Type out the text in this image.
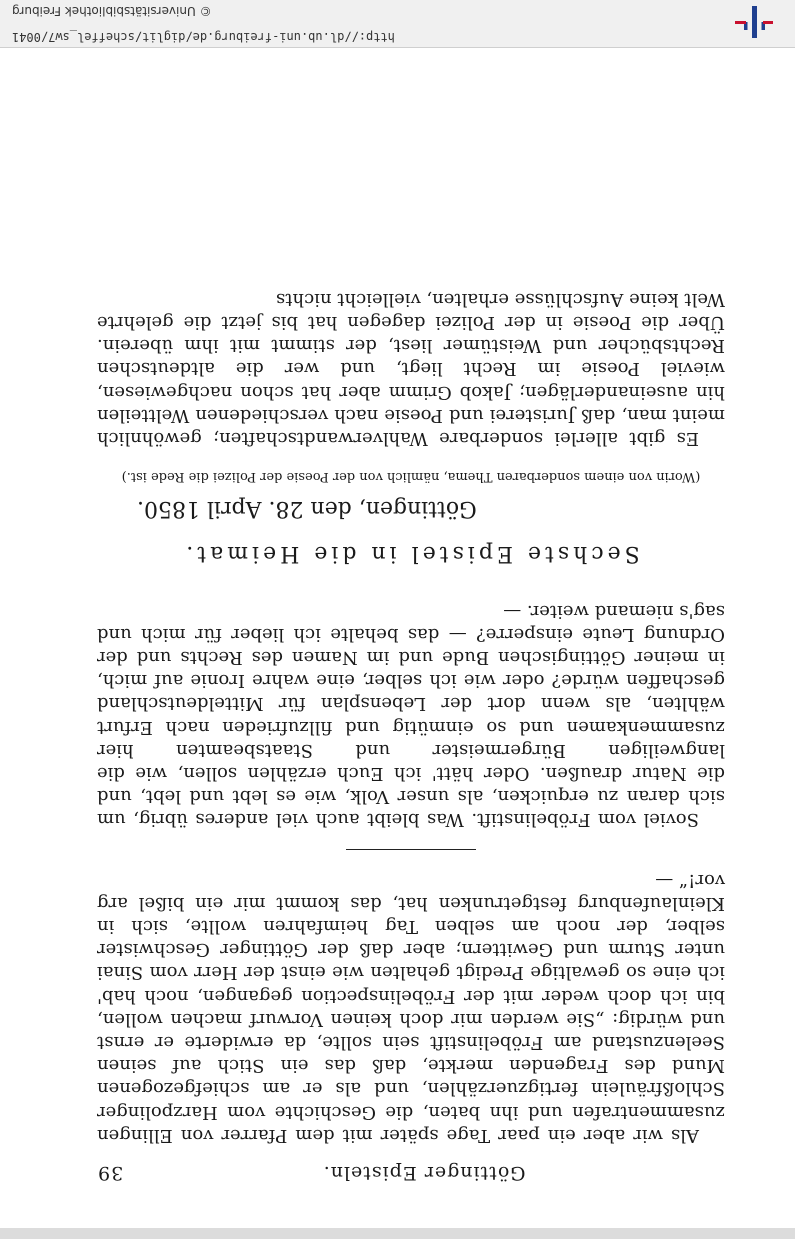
Göttinger Episteln.
39

Als wir aber ein paar Tage später mit dem Pfarrer von Ellingen zusammentrafen und ihn baten, die Geschichte vom Harzpolinger Schloßfräulein fertigzuerzählen, und als er am schiefgezogenen Mund des Fragenden merkte, daß das ein Stich auf seinen Seelenzustand am Fröbelinstift sein sollte, da erwiderte er ernst und würdig: „Sie werden mir doch keinen Vorwurf machen wollen, bin ich doch weder mit der Fröbelinspection gegangen, noch hab' ich eine so gewaltige Predigt gehalten wie einst der Herr vom Sinai unter Sturm und Gewittern; aber daß der Göttinger Geschwister selber, der noch am selben Tag heimfahren wollte, sich in Kleinlaufenburg festgetrunken hat, das kommt mir ein bißel arg vor!“ —

Soviel vom Fröbelinstift. Was bleibt auch viel anderes übrig, um sich daran zu erquicken, als unser Volk, wie es lebt und lebt, und die Natur draußen. Oder hätt' ich Euch erzählen sollen, wie die langweiligen Bürgermeister und Staatsbeamten hier zusammenkamen und so einmütig und fillzufrieden nach Erfurt wählten, als wenn dort der Lebensplan für Mitteldeutschland geschaffen würde? oder wie ich selber, eine wahre Ironie auf mich, in meiner Göttingischen Bude und im Namen des Rechts und der Ordnung Leute einsperre? — das behalte ich lieber für mich und sag's niemand weiter. —

Sechste Epistel in die Heimat.
Göttingen, den 28. April 1850.
(Worin von einem sonderbaren Thema, nämlich von der Poesie der Polizei die Rede ist.)

Es gibt allerlei sonderbare Wahlverwandtschaften; gewöhnlich meint man, daß Juristerei und Poesie nach verschiedenen Weltteilen hin auseinanderlägen; Jakob Grimm aber hat schon nachgewiesen, wieviel Poesie im Recht liegt, und wer die altdeutschen Rechtsbücher und Weistümer liest, der stimmt mit ihm überein. Über die Poesie in der Polizei dagegen hat bis jetzt die gelehrte Welt keine Aufschlüsse erhalten, vielleicht nichts

http://dl.ub.uni-freiburg.de/diglit/scheffel_sw7/0041
© Universitätsbibliothek Freiburg
